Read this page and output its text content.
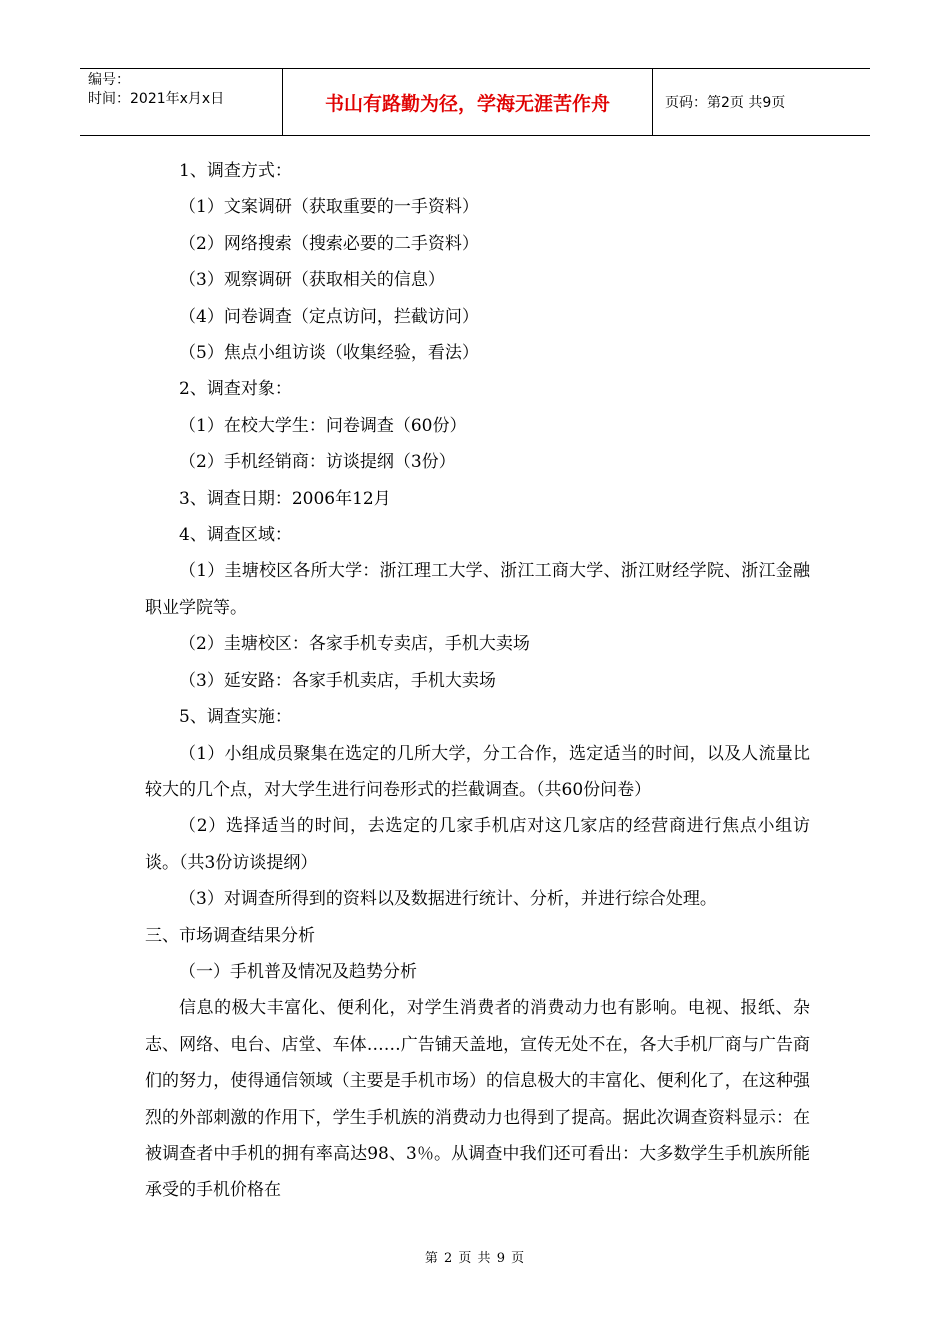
编号：
时间：2021年x月x日	书山有路勤为径，学海无涯苦作舟	页码：第2页 共9页

1、调查方式：

（1）文案调研（获取重要的一手资料）

（2）网络搜索（搜索必要的二手资料）

（3）观察调研（获取相关的信息）

（4）问卷调查（定点访问，拦截访问）

（5）焦点小组访谈（收集经验，看法）

2、调查对象：

（1）在校大学生：问卷调查（60份）

（2）手机经销商：访谈提纲（3份）

3、调查日期：2006年12月

4、调查区域：

（1）圭塘校区各所大学：浙江理工大学、浙江工商大学、浙江财经学院、浙江金融职业学院等。

（2）圭塘校区：各家手机专卖店，手机大卖场

（3）延安路：各家手机卖店，手机大卖场

5、调查实施：

（1）小组成员聚集在选定的几所大学，分工合作，选定适当的时间，以及人流量比较大的几个点，对大学生进行问卷形式的拦截调查。（共60份问卷）

（2）选择适当的时间，去选定的几家手机店对这几家店的经营商进行焦点小组访谈。（共3份访谈提纲）

（3）对调查所得到的资料以及数据进行统计、分析，并进行综合处理。

三、市场调查结果分析

（一）手机普及情况及趋势分析

信息的极大丰富化、便利化，对学生消费者的消费动力也有影响。电视、报纸、杂志、网络、电台、店堂、车体……广告铺天盖地，宣传无处不在，各大手机厂商与广告商们的努力，使得通信领域（主要是手机市场）的信息极大的丰富化、便利化了，在这种强烈的外部刺激的作用下，学生手机族的消费动力也得到了提高。据此次调查资料显示：在被调查者中手机的拥有率高达98、3％。从调查中我们还可看出：大多数学生手机族所能承受的手机价格在

第 2 页 共 9 页
